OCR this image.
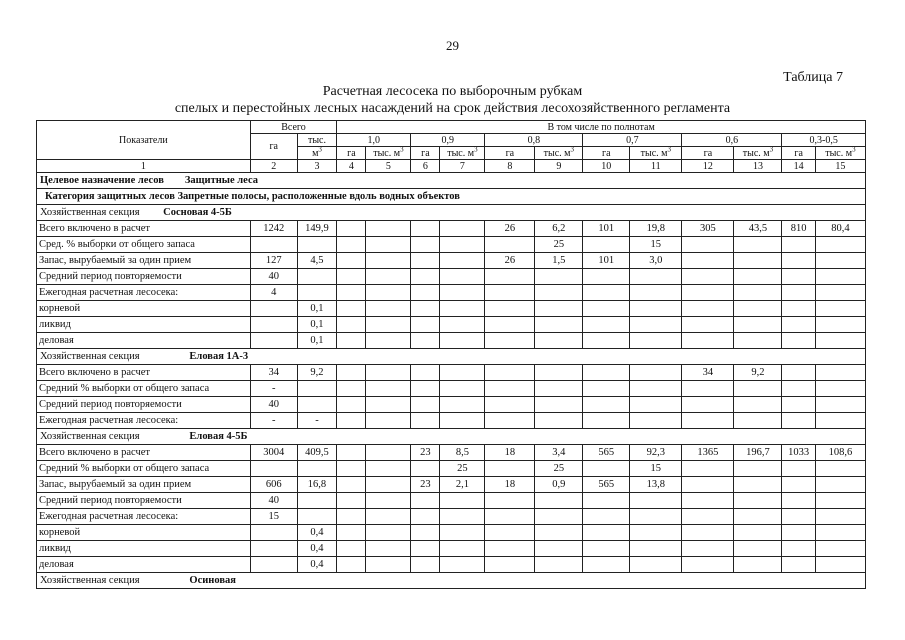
29
Таблица 7
Расчетная лесосека по выборочным рубкам
спелых и перестойных лесных насаждений на срок действия лесохозяйственного регламента
Показатели	Всего		В том числе по полнотам											
	га	тыс.	1,0		0,9		0,8		0,7		0,6		0,3-0,5	
		$м^3$	га	тыс. $м^3$	га	тыс. $м^3$	га	тыс. $м^3$	га	тыс. $м^3$	га	тыс. $м^3$	га	тыс. $м^3$
1	2	3	4	5	6	7	8	9	10	11	12	13	14	15
Целевое назначение лесов Защитные леса														
Категория защитных лесов Запретные полосы, расположенные вдоль водных объектов														
Хозяйственная секция Сосновая 4-5Б														
Всего включено в расчет	1242	149,9					26	6,2	101	19,8	305	43,5	810	80,4
Сред. % выборки от общего запаса								25		15				
Запас, вырубаемый за один прием	127	4,5					26	1,5	101	3,0				
Средний период повторяемости	40													
Ежегодная расчетная лесосека:	4													
корневой		0,1												
ликвид		0,1												
деловая		0,1												
Хозяйственная секция Еловая 1А-3														
Всего включено в расчет	34	9,2									34	9,2		
Средний % выборки от общего запаса	-													
Средний период повторяемости	40													
Ежегодная расчетная лесосека:	-	-												
Хозяйственная секция Еловая 4-5Б														
Всего включено в расчет	3004	409,5			23	8,5	18	3,4	565	92,3	1365	196,7	1033	108,6
Средний % выборки от общего запаса						25		25		15				
Запас, вырубаемый за один прием	606	16,8			23	2,1	18	0,9	565	13,8				
Средний период повторяемости	40													
Ежегодная расчетная лесосека:	15													
корневой		0,4												
ликвид		0,4												
деловая		0,4												
Хозяйственная секция Осиновая														
